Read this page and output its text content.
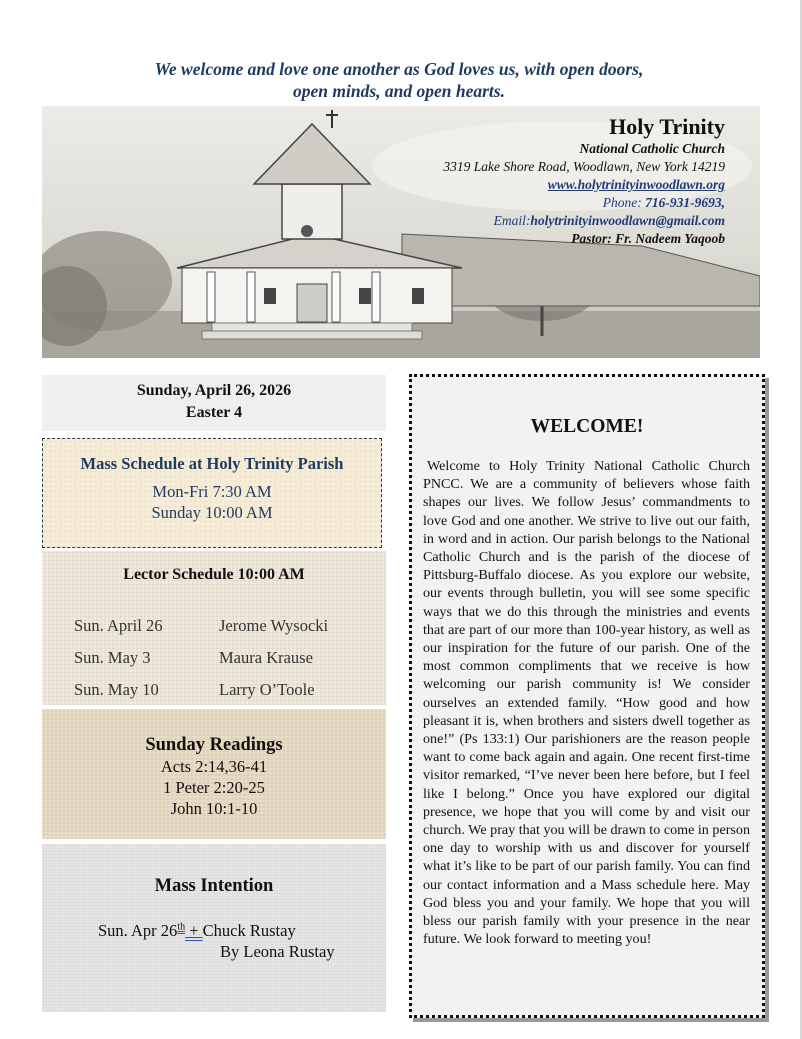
We welcome and love one another as God loves us, with open doors,
open minds, and open hearts.
Holy Trinity
National Catholic Church
3319 Lake Shore Road, Woodlawn, New York 14219
www.holytrinityinwoodlawn.org
Phone: 716-931-9693,
Email:holytrinityinwoodlawn@gmail.com
Pastor: Fr. Nadeem Yaqoob
Sunday, April 26, 2026
Easter 4
Mass Schedule at Holy Trinity Parish
Mon-Fri 7:30 AM
Sunday 10:00 AM
Lector Schedule 10:00 AM
Sun. April 26	Jerome Wysocki
Sun. May 3	Maura Krause
Sun. May 10	Larry O’Toole
Sunday Readings
Acts 2:14,36-41
1 Peter 2:20-25
John 10:1-10
Mass Intention
Sun. Apr 26th + Chuck Rustay
By Leona Rustay
WELCOME!
Welcome to Holy Trinity National Catholic Church PNCC. We are a community of believers whose faith shapes our lives. We follow Jesus’ commandments to love God and one another. We strive to live out our faith, in word and in action. Our parish belongs to the National Catholic Church and is the parish of the diocese of Pittsburg-Buffalo diocese. As you explore our website, our events through bulletin, you will see some specific ways that we do this through the ministries and events that are part of our more than 100-year history, as well as our inspiration for the future of our parish. One of the most common compliments that we receive is how welcoming our parish community is! We consider ourselves an extended family. “How good and how pleasant it is, when brothers and sisters dwell together as one!” (Ps 133:1) Our parishioners are the reason people want to come back again and again. One recent first-time visitor remarked, “I’ve never been here before, but I feel like I belong.” Once you have explored our digital presence, we hope that you will come by and visit our church. We pray that you will be drawn to come in person one day to worship with us and discover for yourself what it’s like to be part of our parish family. You can find our contact information and a Mass schedule here. May God bless you and your family. We hope that you will bless our parish family with your presence in the near future. We look forward to meeting you!
